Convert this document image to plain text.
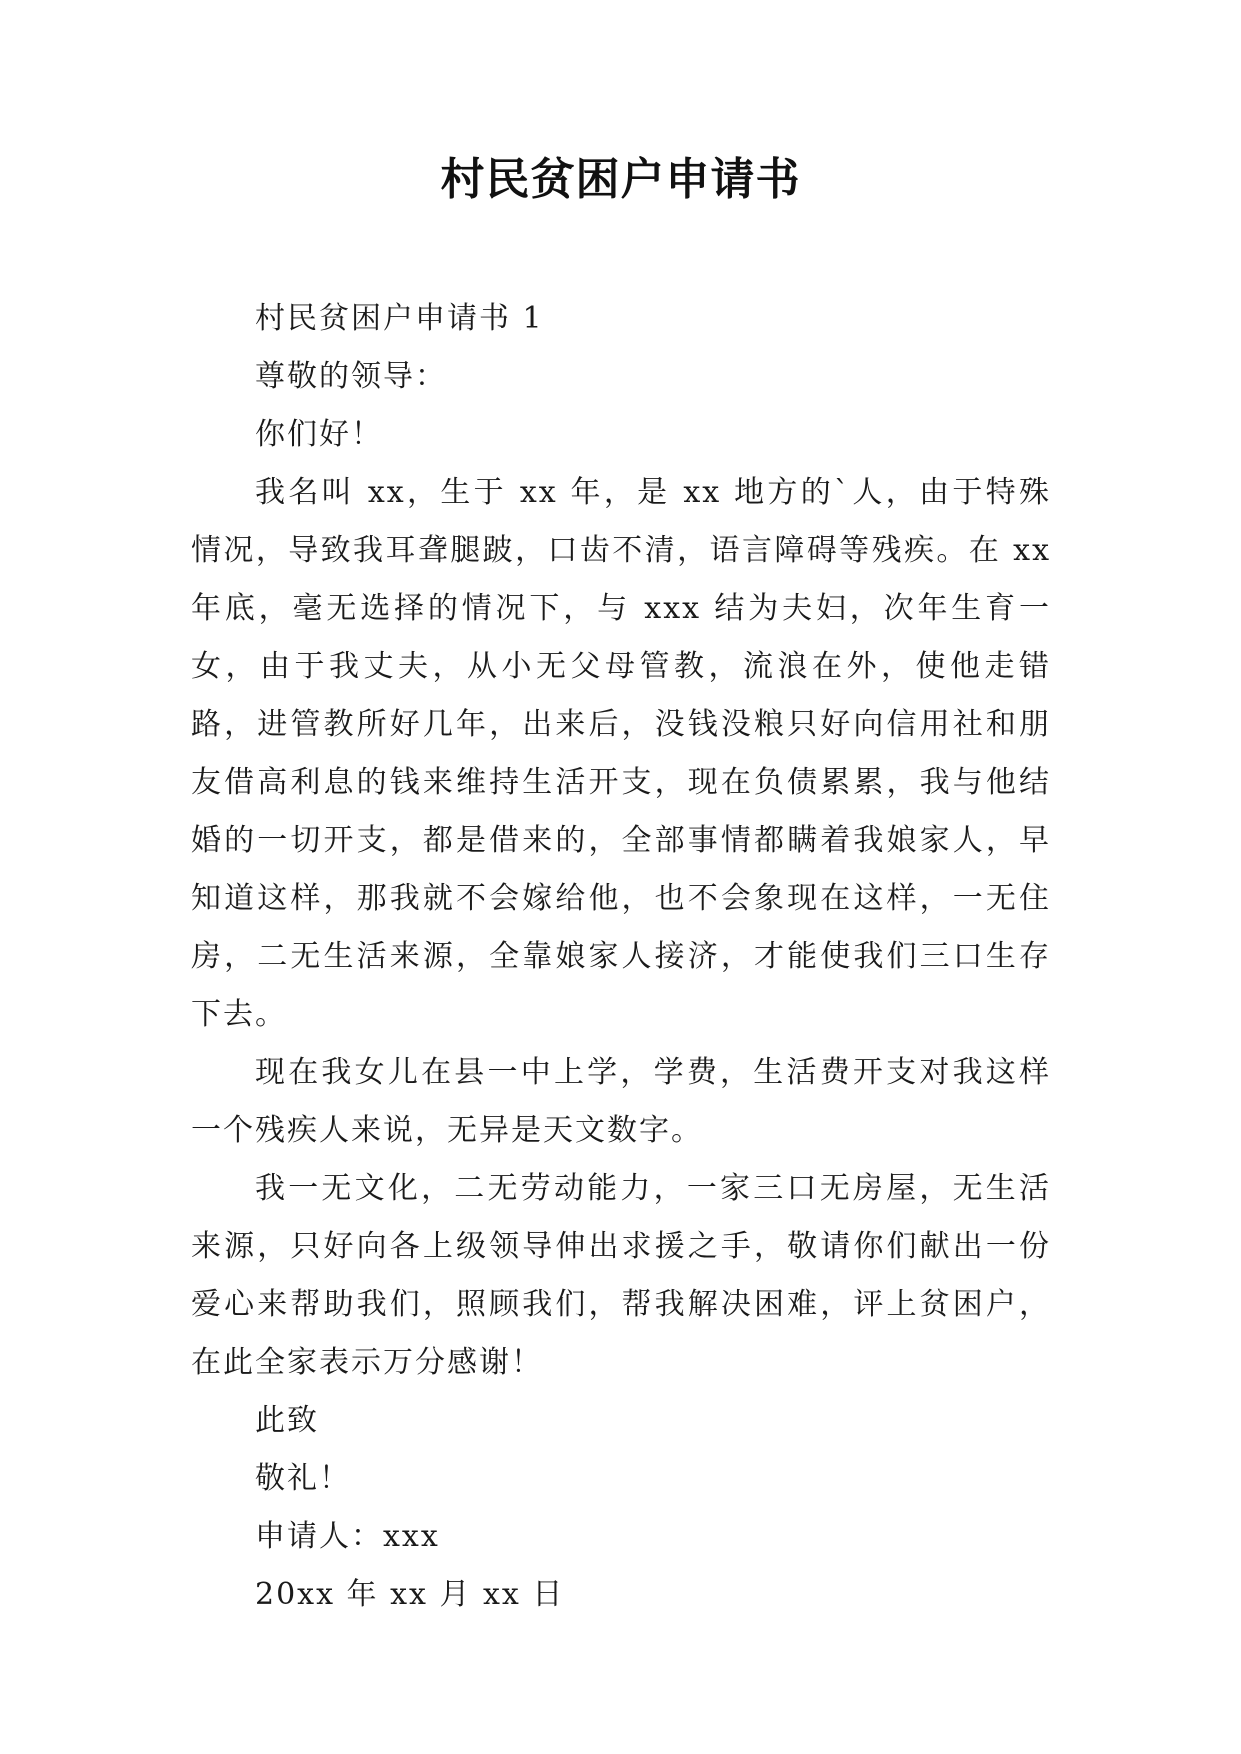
村民贫困户申请书

村民贫困户申请书 1

尊敬的领导：

你们好！

我名叫 xx，生于 xx 年，是 xx 地方的`人，由于特殊情况，导致我耳聋腿跛，口齿不清，语言障碍等残疾。在 xx 年底，毫无选择的情况下，与 xxx 结为夫妇，次年生育一女，由于我丈夫，从小无父母管教，流浪在外，使他走错路，进管教所好几年，出来后，没钱没粮只好向信用社和朋友借高利息的钱来维持生活开支，现在负债累累，我与他结婚的一切开支，都是借来的，全部事情都瞒着我娘家人，早知道这样，那我就不会嫁给他，也不会象现在这样，一无住房，二无生活来源，全靠娘家人接济，才能使我们三口生存下去。

现在我女儿在县一中上学，学费，生活费开支对我这样一个残疾人来说，无异是天文数字。

我一无文化，二无劳动能力，一家三口无房屋，无生活来源，只好向各上级领导伸出求援之手，敬请你们献出一份爱心来帮助我们，照顾我们，帮我解决困难，评上贫困户，在此全家表示万分感谢！

此致

敬礼！

申请人：xxx

20xx 年 xx 月 xx 日
